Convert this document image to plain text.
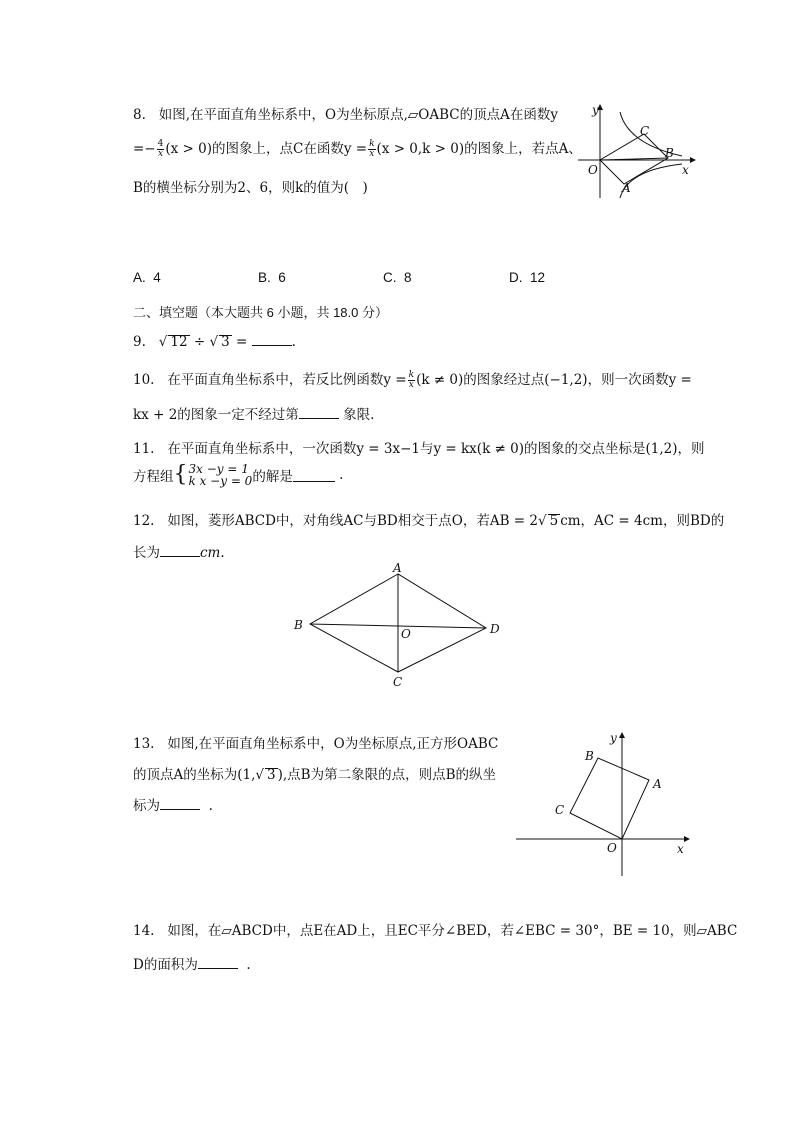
8. 如图,在平面直角坐标系中，O为坐标原点,▱OABC的顶点A在函数y
=− $\frac{4}{x} (x > 0)$的图象上，点C在函数$y = \frac{k}{x} (x > 0,k > 0)$的图象上，若点A、
B的横坐标分别为2、6，则k的值为(　)
y
x
O
A
B
C
A. 4	B. 6	C. 8	D. 12
二、填空题（本大题共 6 小题，共 18.0 分）
9. √ 12 ÷ √ 3 =	.
10. 在平面直角坐标系中，若反比例函数$y = \frac{k}{x} (k \ne 0)$的图象经过点(−1,2)，则一次函数y =
kx + 2的图象一定不经过第	象限.
11. 在平面直角坐标系中，一次函数y = 3x−1与y = kx(k ≠ 0)的图象的交点坐标是(1,2)，则
方程组{ 3x −y = 1
k x −y = 0 的解是	.
12. 如图，菱形ABCD中，对角线AC与BD相交于点O，若AB = 2√ 5 cm，AC = 4cm，则BD的
长为	cm.
A
B
C
D
O
13. 如图,在平面直角坐标系中，O为坐标原点,正方形OABC
的顶点A的坐标为(1,√ 3 ),点B为第二象限的点，则点B的纵坐
标为	.
y
x
O
A
B
C
14. 如图，在▱ABCD中，点E在AD上，且EC平分∠BED，若∠EBC = 30°，BE = 10，则▱ABC
D的面积为	.
